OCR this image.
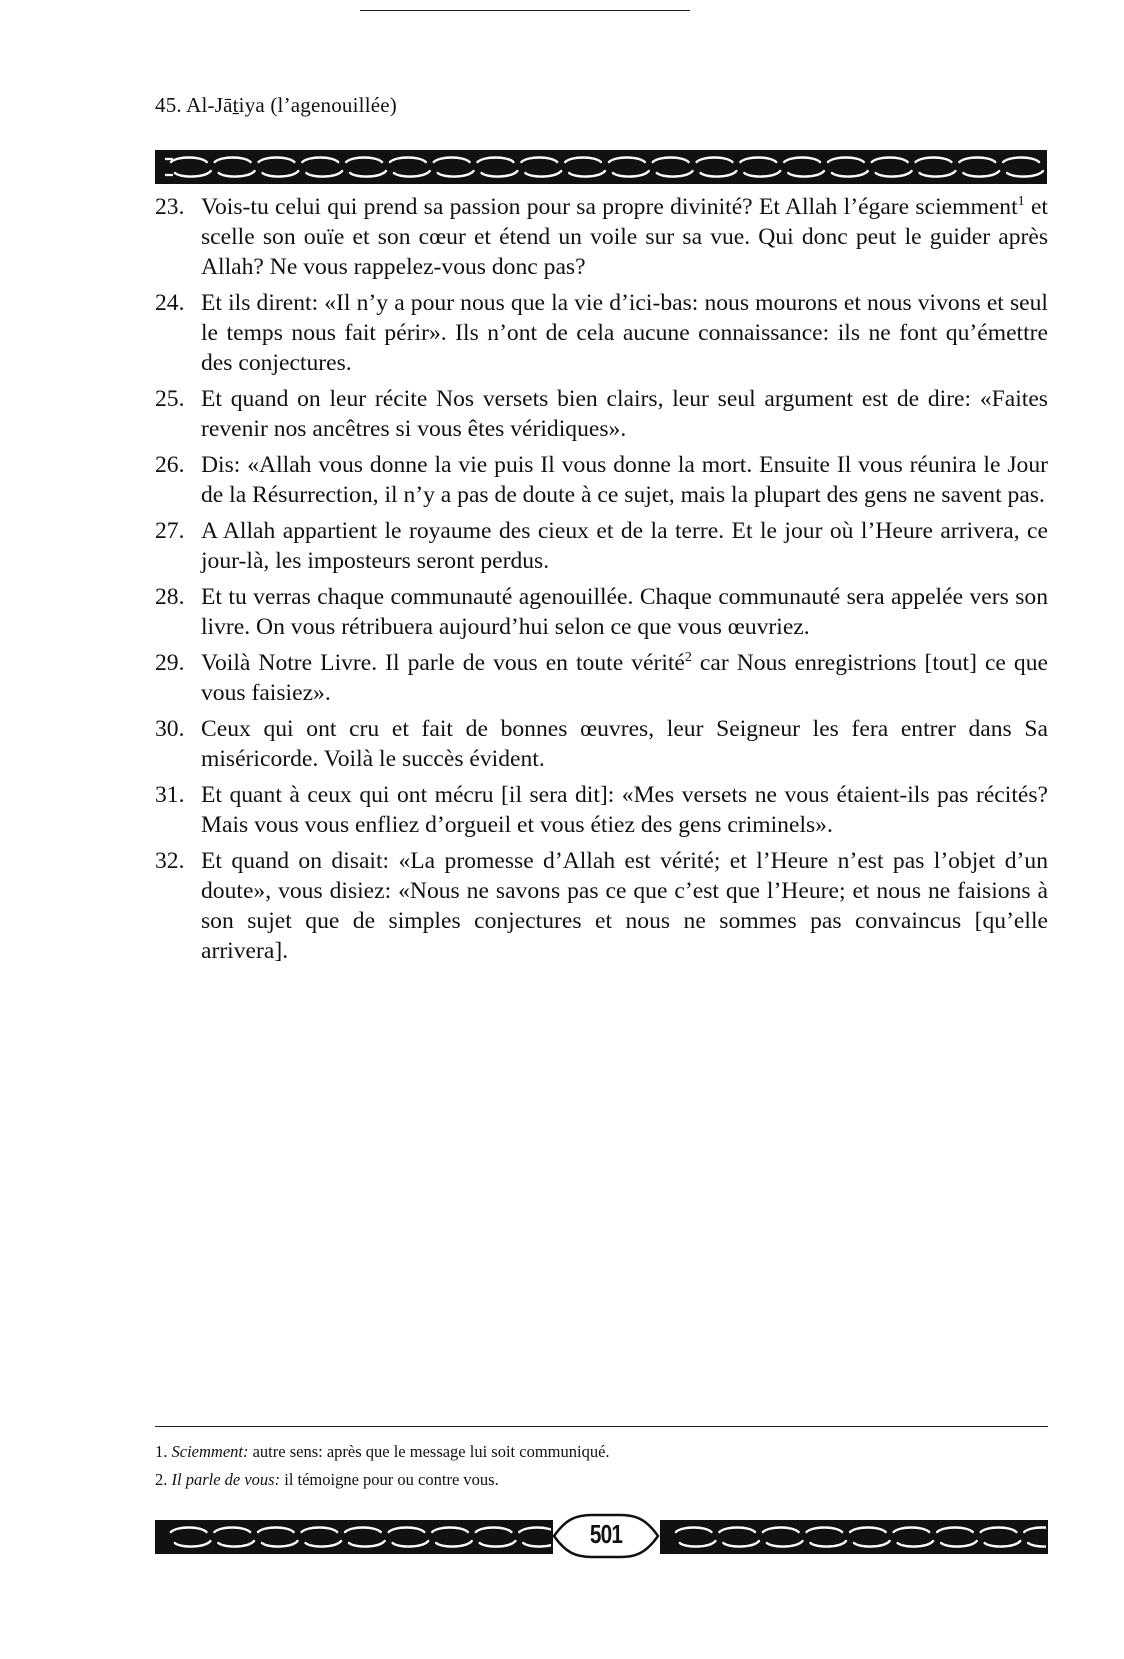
45. Al-Jāṯiya (l’agenouillée)
23. Vois-tu celui qui prend sa passion pour sa propre divinité? Et Allah l’égare sciemment$^1$ et scelle son ouïe et son cœur et étend un voile sur sa vue. Qui donc peut le guider après Allah? Ne vous rappelez-vous donc pas?
24. Et ils dirent: «Il n’y a pour nous que la vie d’ici-bas: nous mourons et nous vivons et seul le temps nous fait périr». Ils n’ont de cela aucune connaissance: ils ne font qu’émettre des conjectures.
25. Et quand on leur récite Nos versets bien clairs, leur seul argument est de dire: «Faites revenir nos ancêtres si vous êtes véridiques».
26. Dis: «Allah vous donne la vie puis Il vous donne la mort. Ensuite Il vous réunira le Jour de la Résurrection, il n’y a pas de doute à ce sujet, mais la plupart des gens ne savent pas.
27. A Allah appartient le royaume des cieux et de la terre. Et le jour où l’Heure arrivera, ce jour-là, les imposteurs seront perdus.
28. Et tu verras chaque communauté agenouillée. Chaque communauté sera appelée vers son livre. On vous rétribuera aujourd’hui selon ce que vous œuvriez.
29. Voilà Notre Livre. Il parle de vous en toute vérité$^2$ car Nous enregistrions [tout] ce que vous faisiez».
30. Ceux qui ont cru et fait de bonnes œuvres, leur Seigneur les fera entrer dans Sa miséricorde. Voilà le succès évident.
31. Et quant à ceux qui ont mécru [il sera dit]: «Mes versets ne vous étaient-ils pas récités? Mais vous vous enfliez d’orgueil et vous étiez des gens criminels».
32. Et quand on disait: «La promesse d’Allah est vérité; et l’Heure n’est pas l’objet d’un doute», vous disiez: «Nous ne savons pas ce que c’est que l’Heure; et nous ne faisions à son sujet que de simples conjectures et nous ne sommes pas convaincus [qu’elle arrivera].
1. Sciemment: autre sens: après que le message lui soit communiqué.
2. Il parle de vous: il témoigne pour ou contre vous.
501
